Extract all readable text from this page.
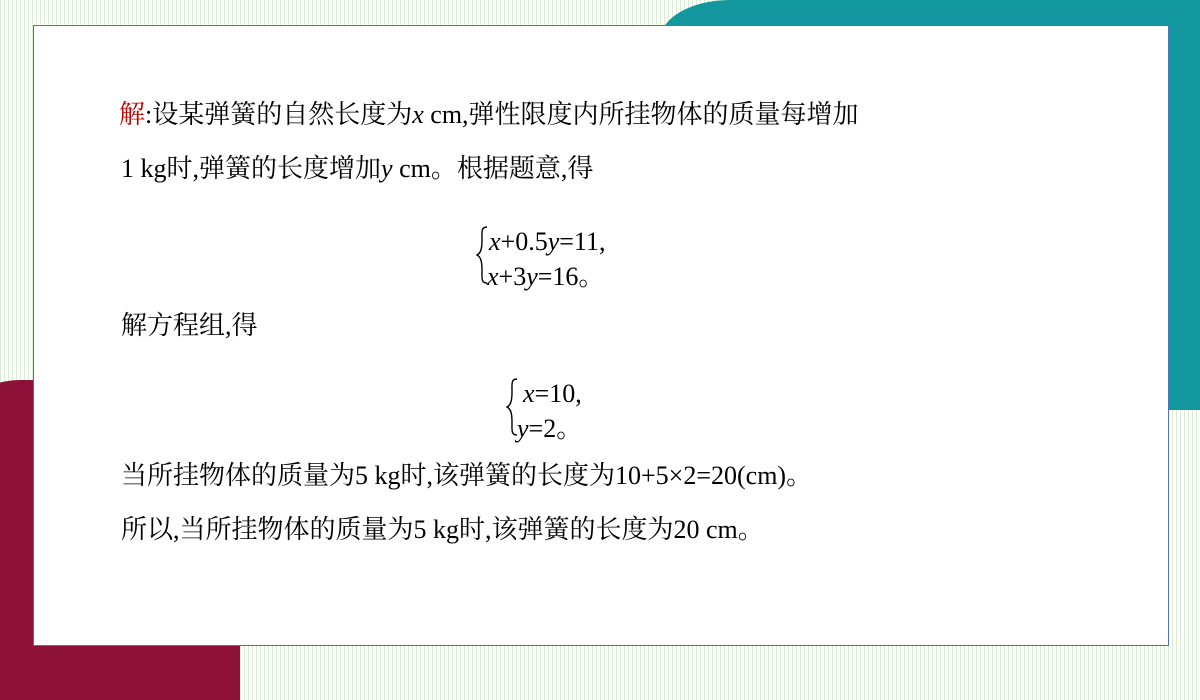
解:设某弹簧的自然长度为x cm,弹性限度内所挂物体的质量每增加
1 kg时,弹簧的长度增加y cm。根据题意,得
x+0.5y=11,
x+3y=16。
解方程组,得
x=10,
y=2。
当所挂物体的质量为5 kg时,该弹簧的长度为10+5×2=20(cm)。
所以,当所挂物体的质量为5 kg时,该弹簧的长度为20 cm。
